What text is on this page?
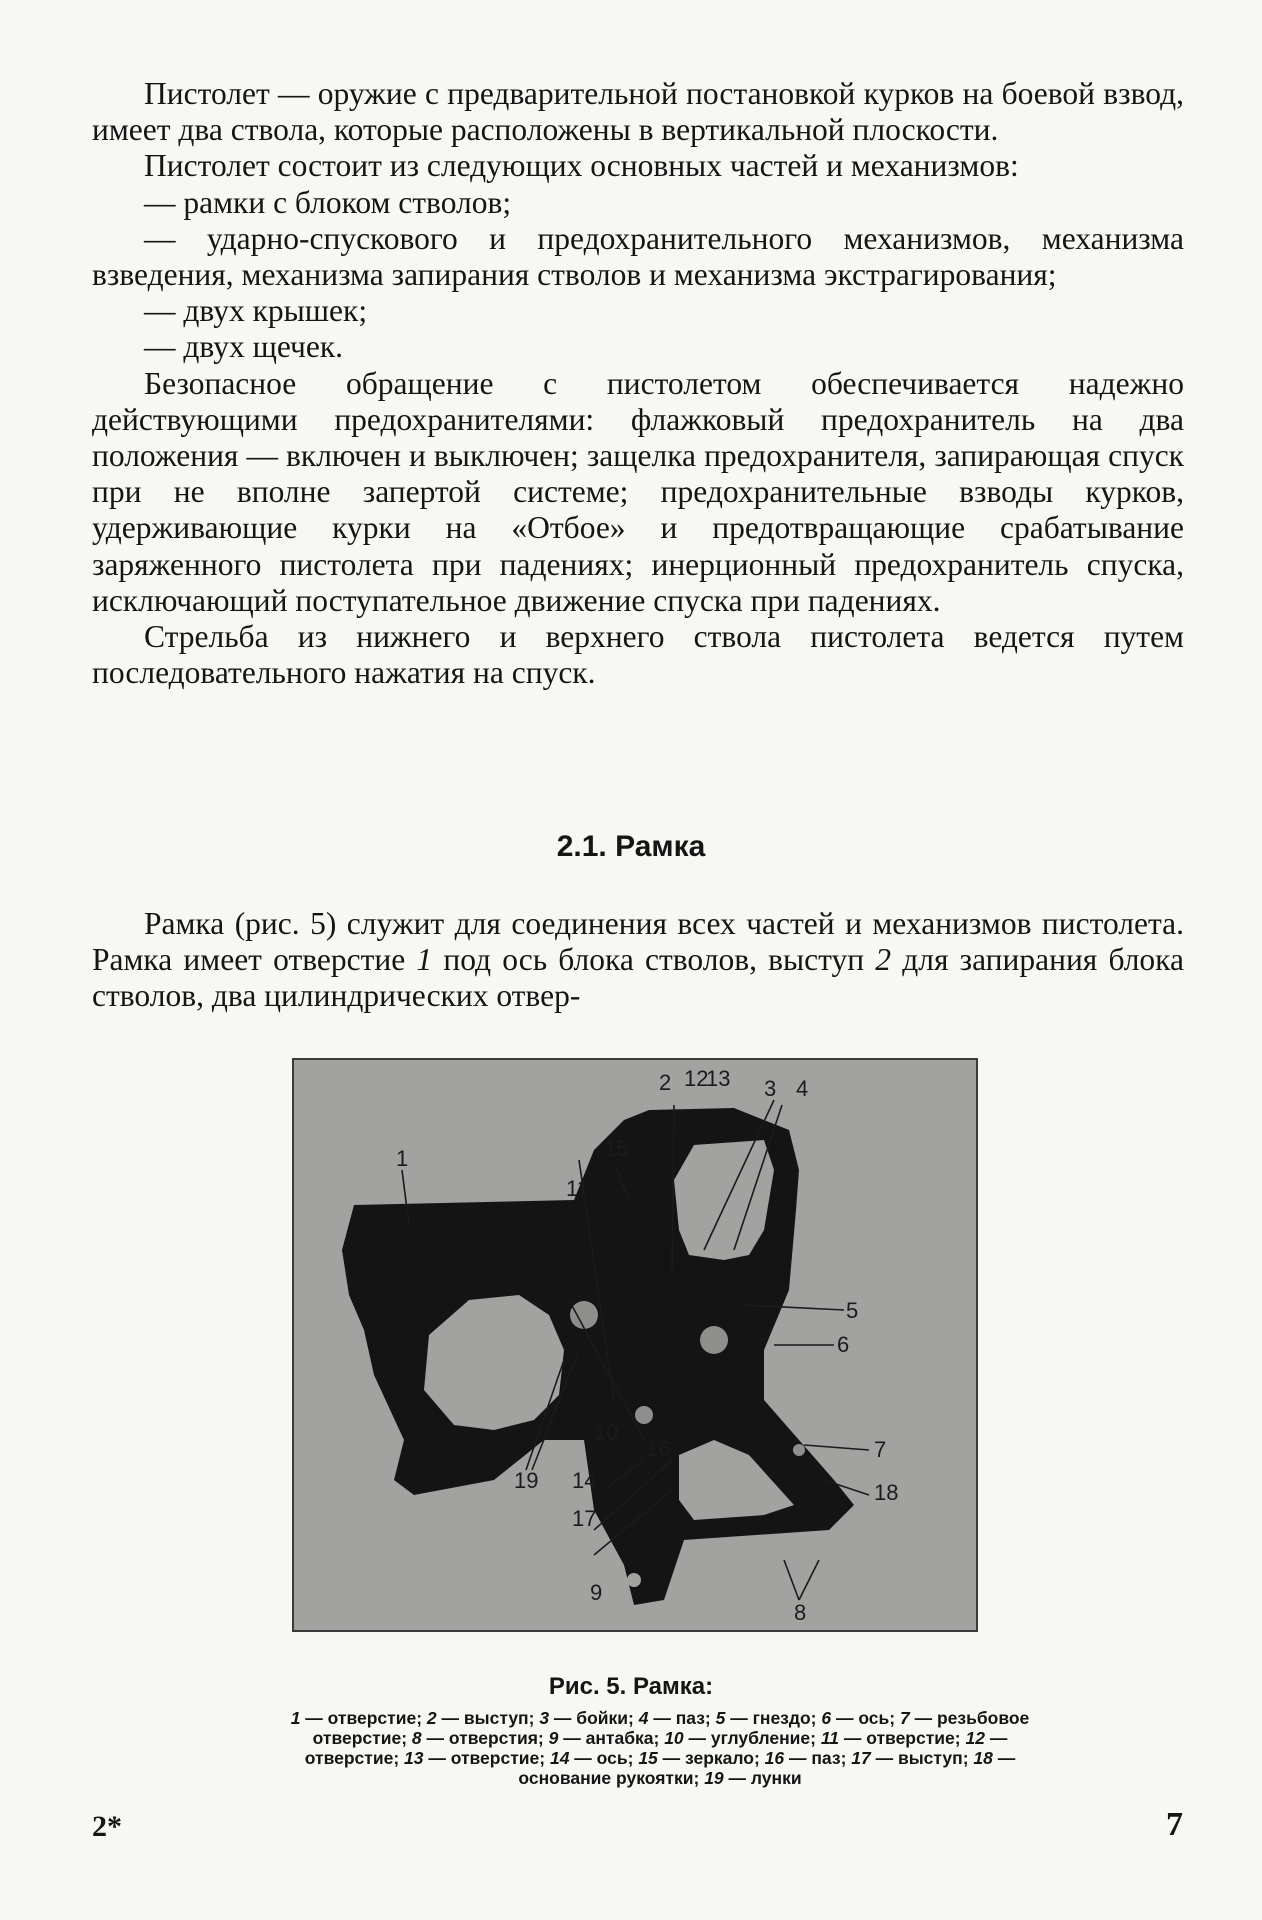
Пистолет — оружие с предварительной постановкой курков на боевой взвод, имеет два ствола, которые расположены в вертикальной плоскости.

Пистолет состоит из следующих основных частей и механизмов:

— рамки с блоком стволов;

— ударно-спускового и предохранительного механизмов, механизма взведения, механизма запирания стволов и механизма экстрагирования;

— двух крышек;

— двух щечек.

Безопасное обращение с пистолетом обеспечивается надежно действующими предохранителями: флажковый предохранитель на два положения — включен и выключен; защелка предохранителя, запирающая спуск при не вполне запертой системе; предохранительные взводы курков, удерживающие курки на «Отбое» и предотвращающие срабатывание заряженного пистолета при падениях; инерционный предохранитель спуска, исключающий поступательное движение спуска при падениях.

Стрельба из нижнего и верхнего ствола пистолета ведется путем последовательного нажатия на спуск.

2.1. Рамка

Рамка (рис. 5) служит для соединения всех частей и механизмов пистолета. Рамка имеет отверстие 1 под ось блока стволов, выступ 2 для запирания блока стволов, два цилиндрических отвер-

1
2 12
13 3 4
15
11
5
6
10
16
19 14
17
7
18
9
8
Рис. 5. Рамка:
1 — отверстие; 2 — выступ; 3 — бойки; 4 — паз; 5 — гнездо; 6 — ось; 7 — резьбовое отверстие; 8 — отверстия; 9 — антабка; 10 — углубление; 11 — отверстие; 12 — отверстие; 13 — отверстие; 14 — ось; 15 — зеркало; 16 — паз; 17 — выступ; 18 — основание рукоятки; 19 — лунки
2*	7
